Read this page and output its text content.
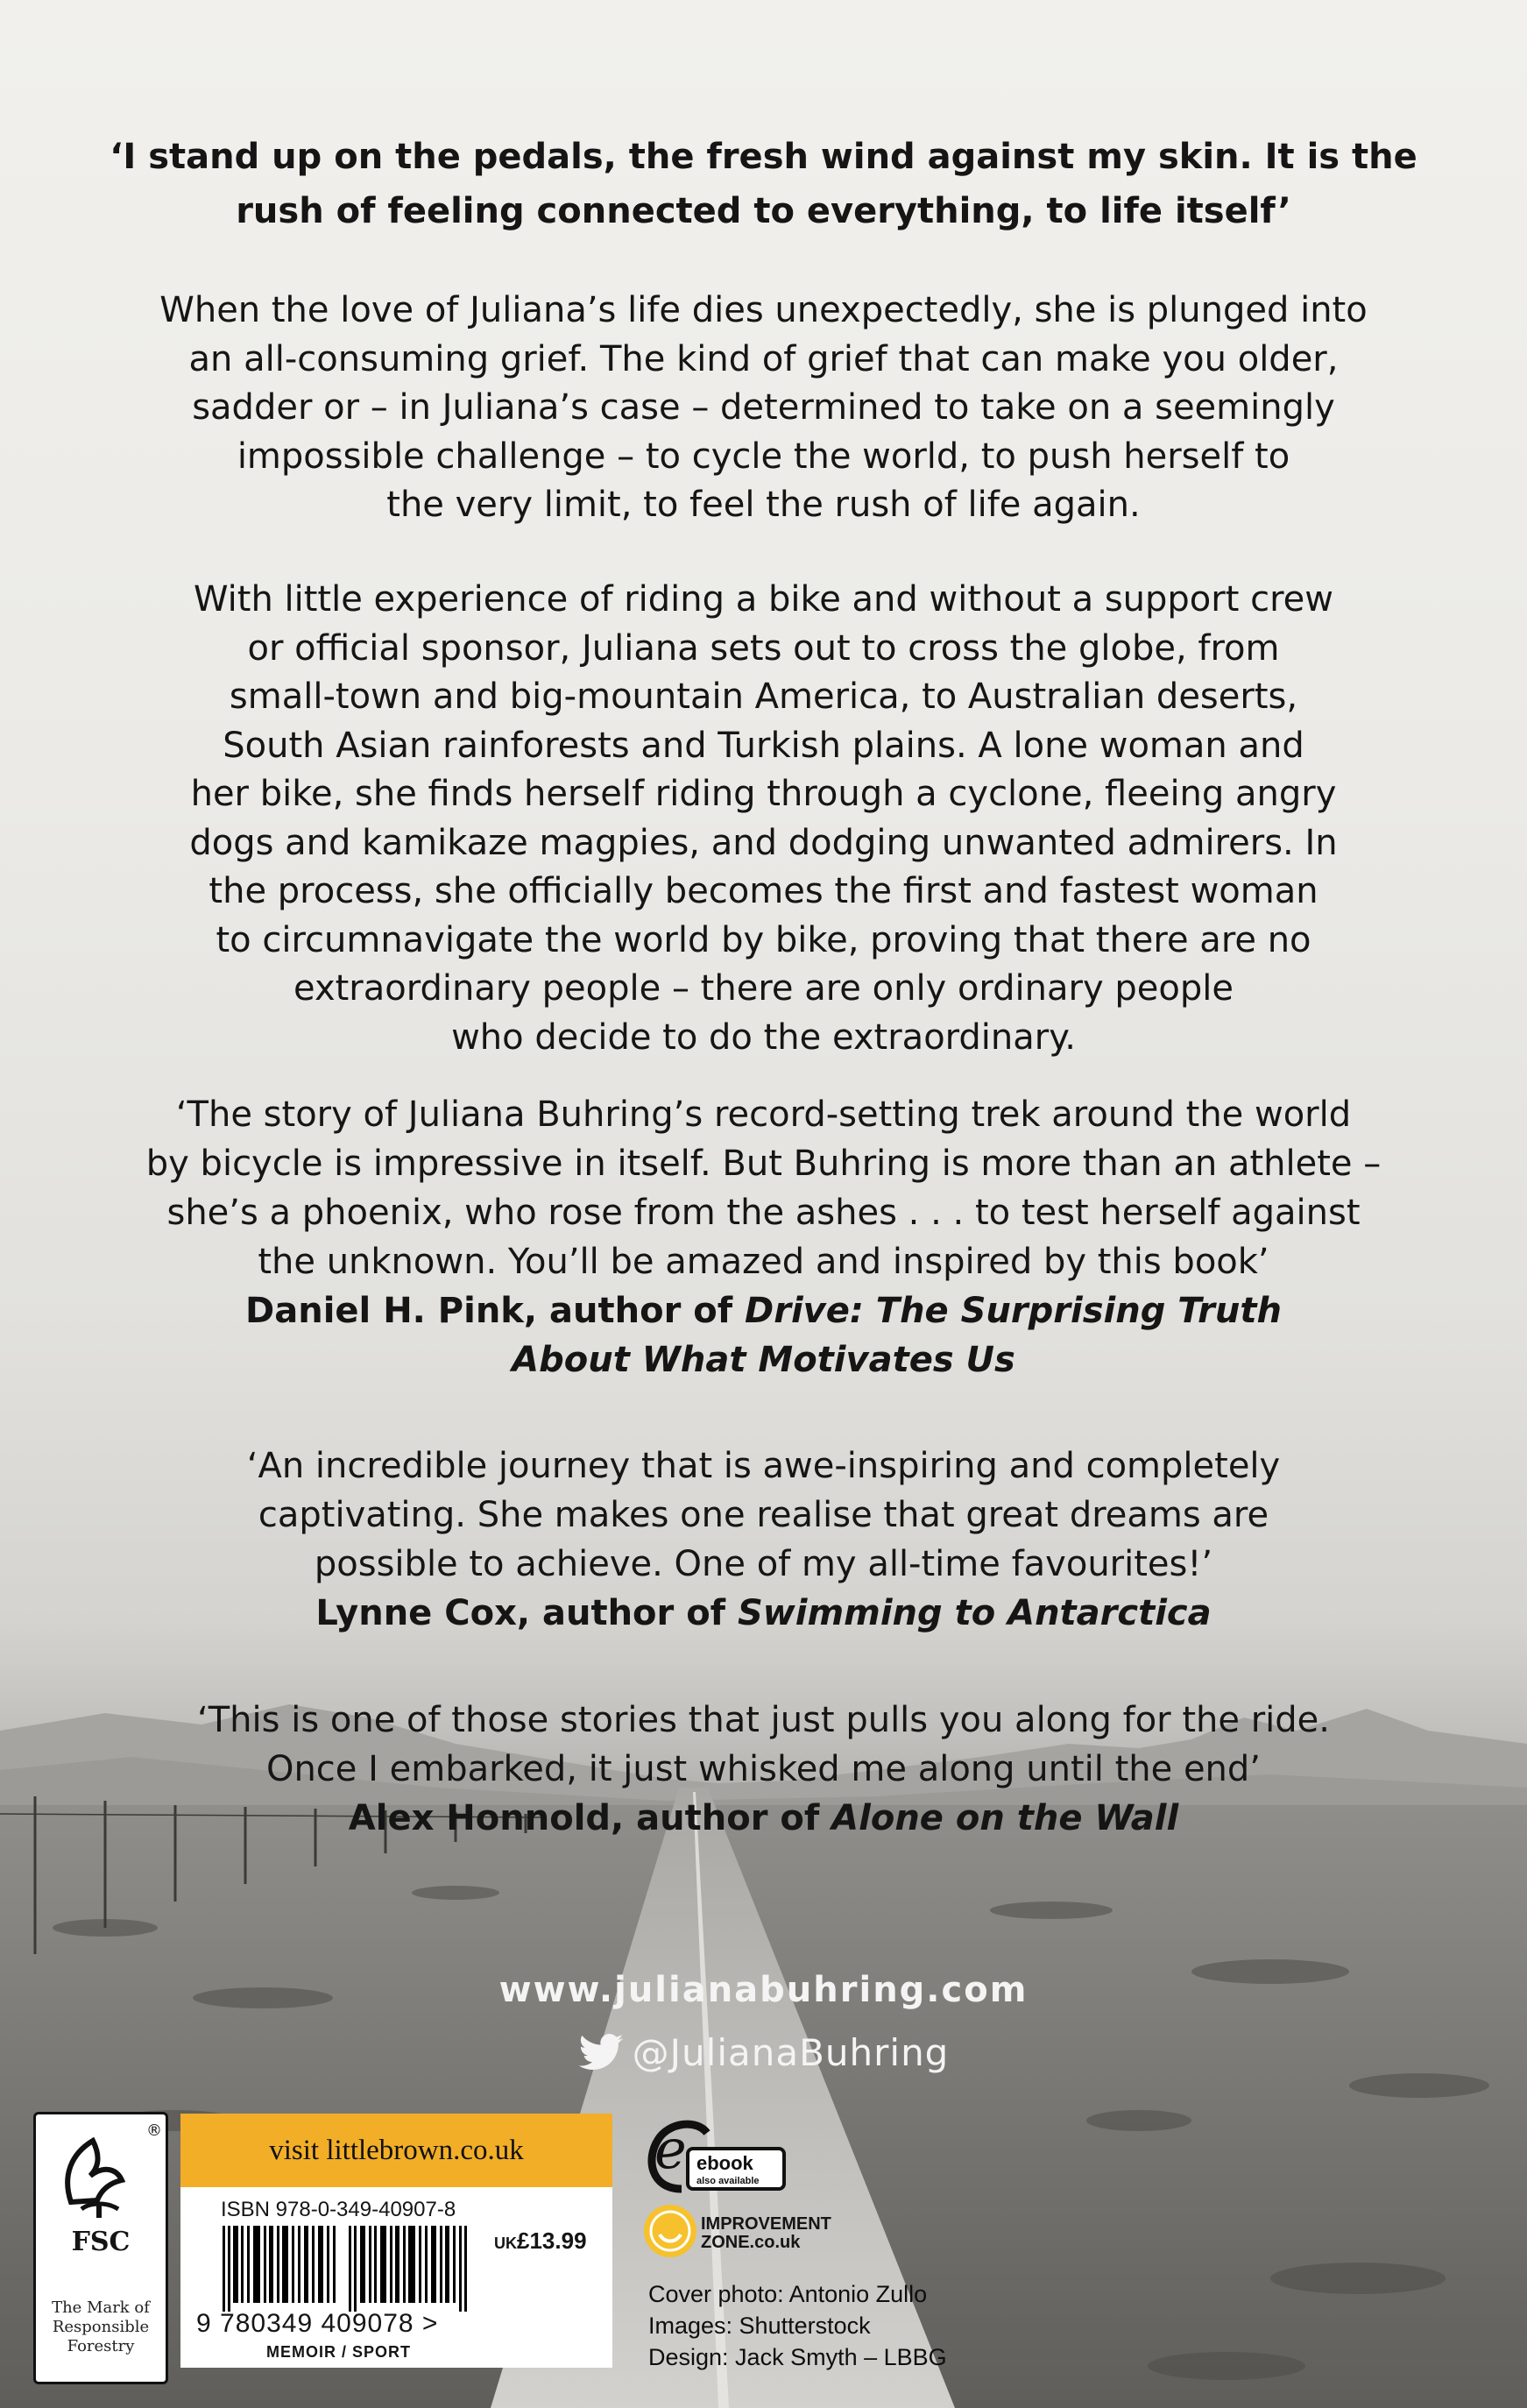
‘I stand up on the pedals, the fresh wind against my skin. It is the
rush of feeling connected to everything, to life itself’
When the love of Juliana’s life dies unexpectedly, she is plunged into
an all-consuming grief. The kind of grief that can make you older,
sadder or – in Juliana’s case – determined to take on a seemingly
impossible challenge – to cycle the world, to push herself to
the very limit, to feel the rush of life again.
With little experience of riding a bike and without a support crew
or official sponsor, Juliana sets out to cross the globe, from
small-town and big-mountain America, to Australian deserts,
South Asian rainforests and Turkish plains. A lone woman and
her bike, she finds herself riding through a cyclone, fleeing angry
dogs and kamikaze magpies, and dodging unwanted admirers. In
the process, she officially becomes the first and fastest woman
to circumnavigate the world by bike, proving that there are no
extraordinary people – there are only ordinary people
who decide to do the extraordinary.
‘The story of Juliana Buhring’s record-setting trek around the world
by bicycle is impressive in itself. But Buhring is more than an athlete –
she’s a phoenix, who rose from the ashes . . . to test herself against
the unknown. You’ll be amazed and inspired by this book’
Daniel H. Pink, author of Drive: The Surprising Truth
About What Motivates Us
‘An incredible journey that is awe-inspiring and completely
captivating. She makes one realise that great dreams are
possible to achieve. One of my all-time favourites!’
Lynne Cox, author of Swimming to Antarctica
‘This is one of those stories that just pulls you along for the ride.
Once I embarked, it just whisked me along until the end’
Alex Honnold, author of Alone on the Wall
www.julianabuhring.com
@JulianaBuhring
®
FSC
The Mark of
Responsible
Forestry
visit littlebrown.co.uk
ISBN 978-0-349-40907-8
UK£13.99
9 780349 409078 >
MEMOIR / SPORT
e ebook
also available
IMPROVEMENT
ZONE.co.uk
Cover photo: Antonio Zullo
Images: Shutterstock
Design: Jack Smyth – LBBG
